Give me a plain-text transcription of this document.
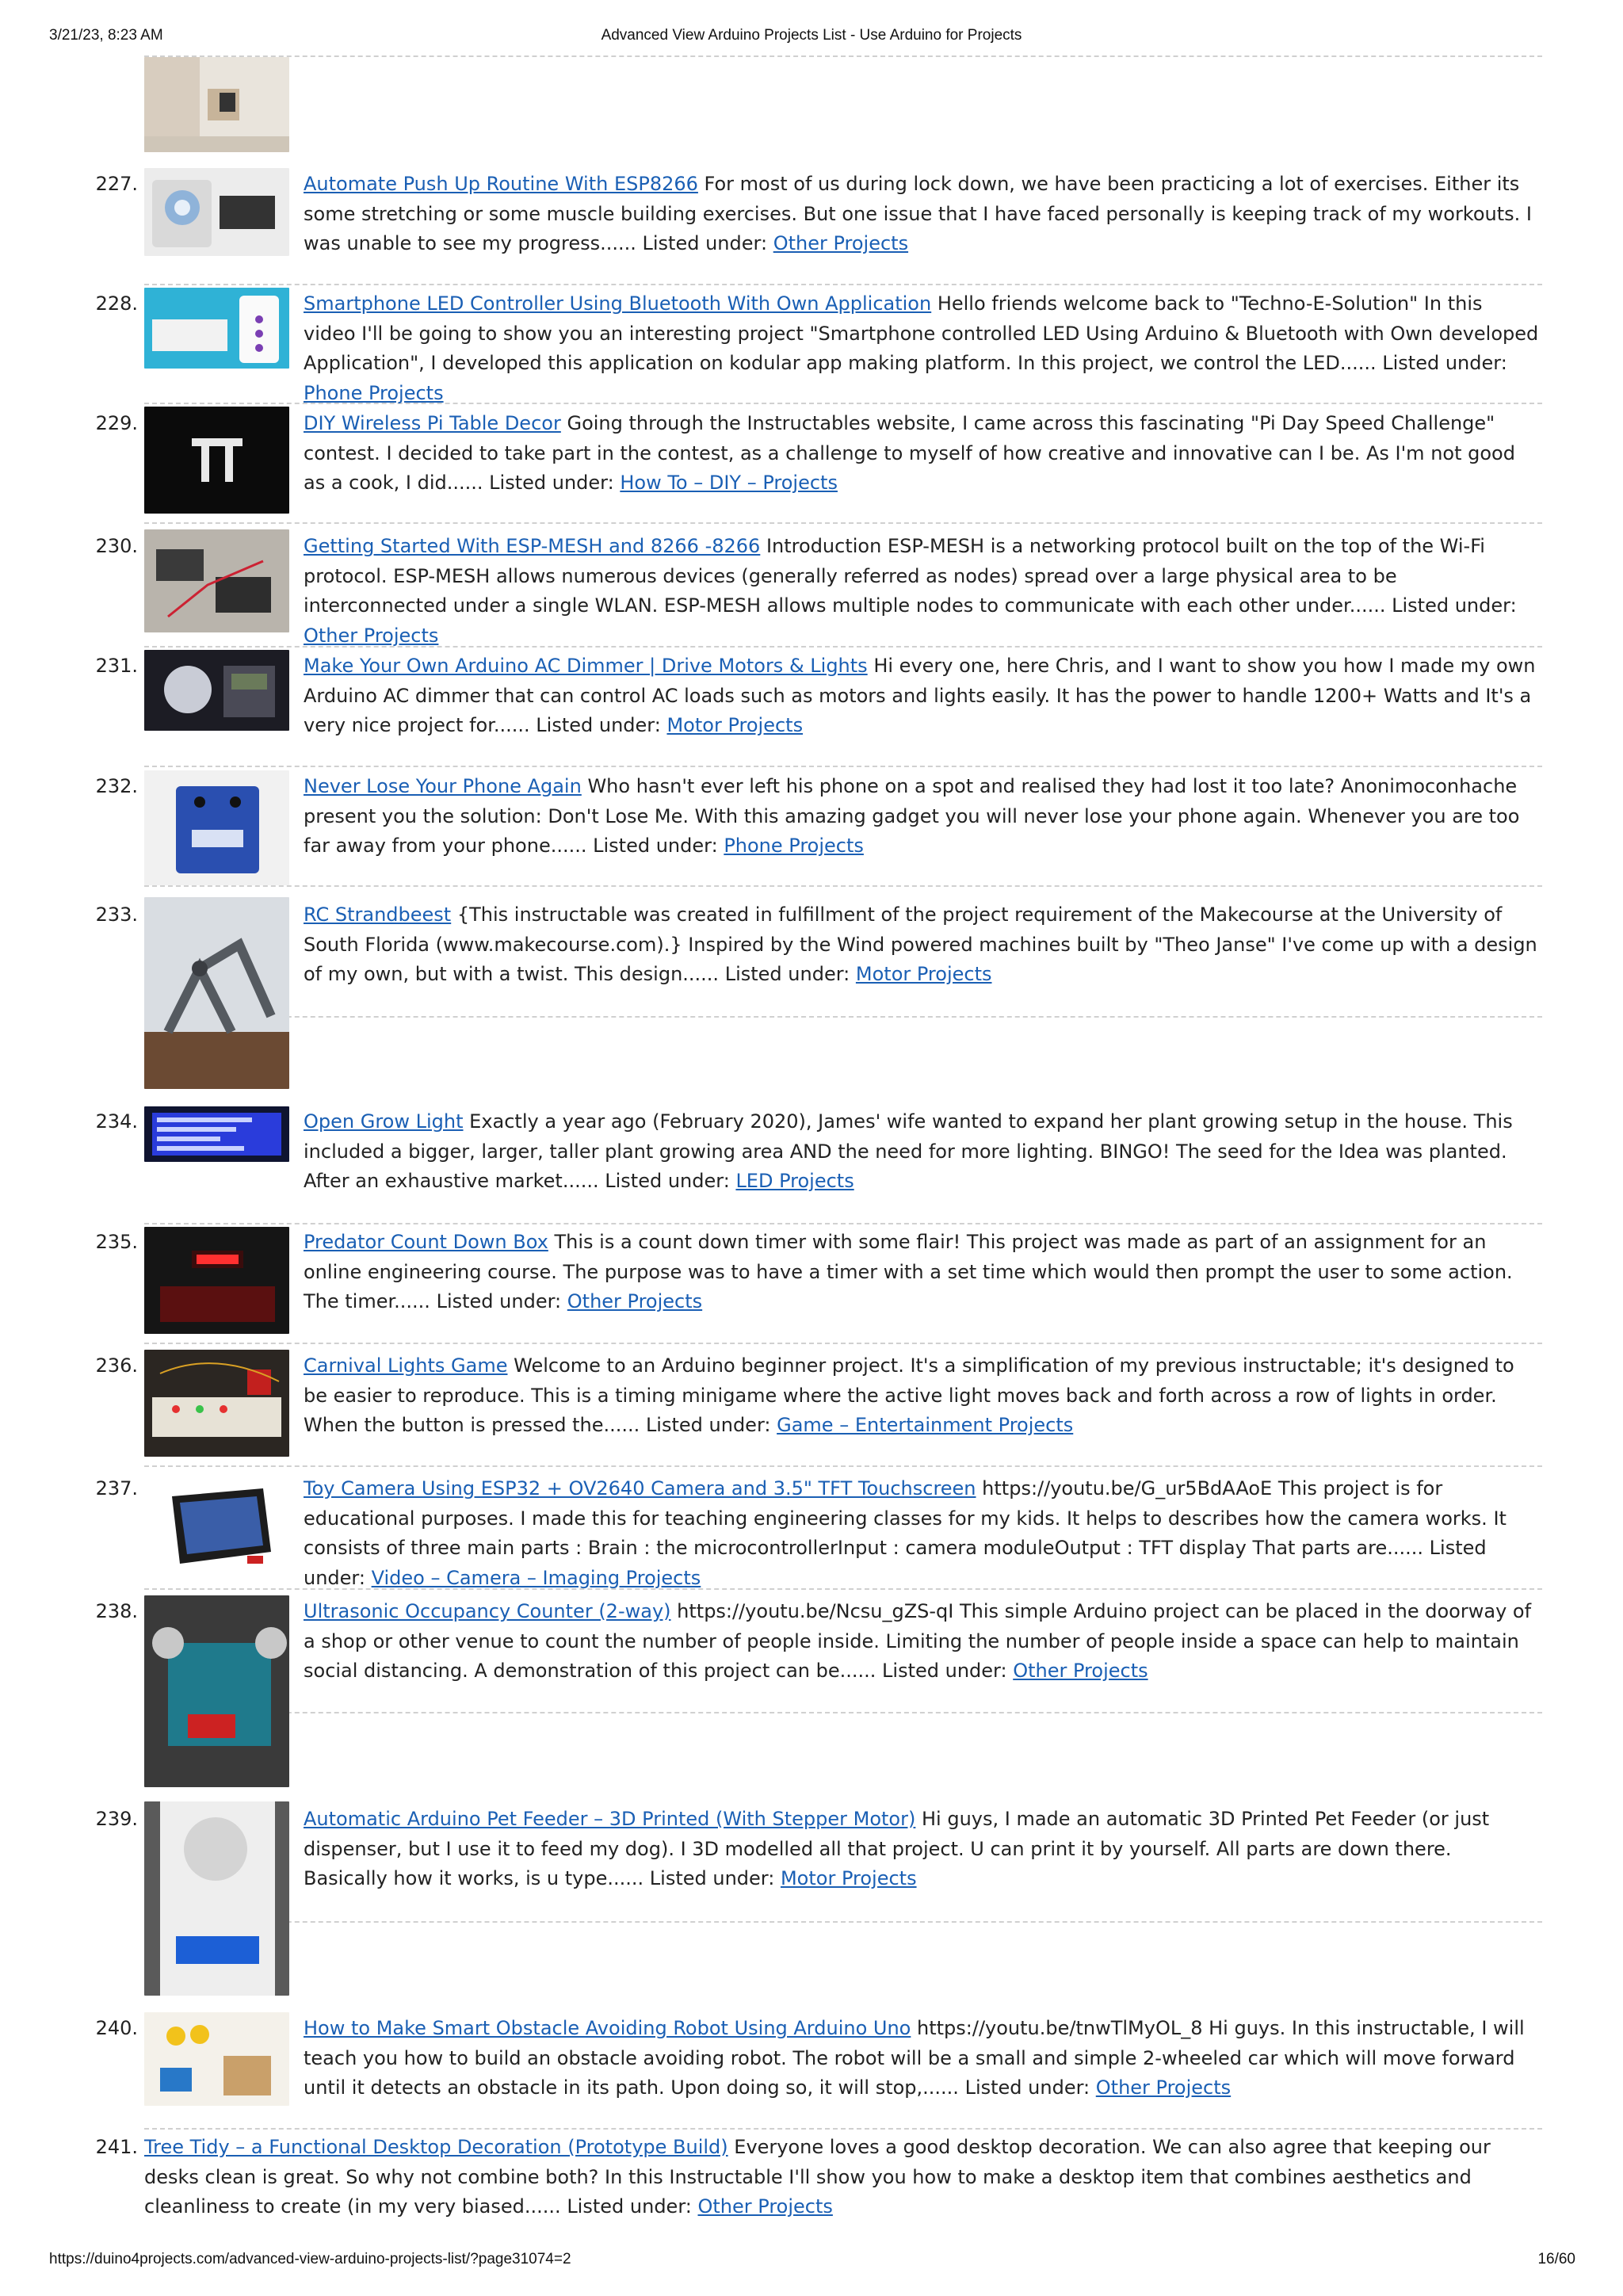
3/21/23, 8:23 AM	Advanced View Arduino Projects List - Use Arduino for Projects
227.	Automate Push Up Routine With ESP8266 For most of us during lock down, we have been practicing a lot of exercises. Either its some stretching or some muscle building exercises. But one issue that I have faced personally is keeping track of my workouts. I was unable to see my progress...... Listed under: Other Projects
228.	Smartphone LED Controller Using Bluetooth With Own Application Hello friends welcome back to "Techno-E-Solution" In this video I'll be going to show you an interesting project "Smartphone controlled LED Using Arduino & Bluetooth with Own developed Application", I developed this application on kodular app making platform. In this project, we control the LED...... Listed under: Phone Projects
229.	DIY Wireless Pi Table Decor Going through the Instructables website, I came across this fascinating "Pi Day Speed Challenge" contest. I decided to take part in the contest, as a challenge to myself of how creative and innovative can I be. As I'm not good as a cook, I did...... Listed under: How To – DIY – Projects
230.	Getting Started With ESP-MESH and 8266 -8266 Introduction ESP-MESH is a networking protocol built on the top of the Wi-Fi protocol. ESP-MESH allows numerous devices (generally referred as nodes) spread over a large physical area to be interconnected under a single WLAN. ESP-MESH allows multiple nodes to communicate with each other under...... Listed under: Other Projects
231.	Make Your Own Arduino AC Dimmer | Drive Motors & Lights Hi every one, here Chris, and I want to show you how I made my own Arduino AC dimmer that can control AC loads such as motors and lights easily. It has the power to handle 1200+ Watts and It's a very nice project for...... Listed under: Motor Projects
232.	Never Lose Your Phone Again Who hasn't ever left his phone on a spot and realised they had lost it too late? Anonimoconhache present you the solution: Don't Lose Me. With this amazing gadget you will never lose your phone again. Whenever you are too far away from your phone...... Listed under: Phone Projects
233.	RC Strandbeest {This instructable was created in fulfillment of the project requirement of the Makecourse at the University of South Florida (www.makecourse.com).} Inspired by the Wind powered machines built by "Theo Janse" I've come up with a design of my own, but with a twist. This design...... Listed under: Motor Projects
234.	Open Grow Light Exactly a year ago (February 2020), James' wife wanted to expand her plant growing setup in the house. This included a bigger, larger, taller plant growing area AND the need for more lighting. BINGO! The seed for the Idea was planted. After an exhaustive market...... Listed under: LED Projects
235.	Predator Count Down Box This is a count down timer with some flair! This project was made as part of an assignment for an online engineering course. The purpose was to have a timer with a set time which would then prompt the user to some action. The timer...... Listed under: Other Projects
236.	Carnival Lights Game Welcome to an Arduino beginner project. It's a simplification of my previous instructable; it's designed to be easier to reproduce. This is a timing minigame where the active light moves back and forth across a row of lights in order. When the button is pressed the...... Listed under: Game – Entertainment Projects
237.	Toy Camera Using ESP32 + OV2640 Camera and 3.5" TFT Touchscreen https://youtu.be/G_ur5BdAAoE This project is for educational purposes. I made this for teaching engineering classes for my kids. It helps to describes how the camera works. It consists of three main parts : Brain : the microcontrollerInput : camera moduleOutput : TFT display That parts are...... Listed under: Video – Camera – Imaging Projects
238.	Ultrasonic Occupancy Counter (2-way) https://youtu.be/Ncsu_gZS-qI This simple Arduino project can be placed in the doorway of a shop or other venue to count the number of people inside. Limiting the number of people inside a space can help to maintain social distancing. A demonstration of this project can be...... Listed under: Other Projects
239.	Automatic Arduino Pet Feeder – 3D Printed (With Stepper Motor) Hi guys, I made an automatic 3D Printed Pet Feeder (or just dispenser, but I use it to feed my dog). I 3D modelled all that project. U can print it by yourself. All parts are down there. Basically how it works, is u type...... Listed under: Motor Projects
240.	How to Make Smart Obstacle Avoiding Robot Using Arduino Uno https://youtu.be/tnwTlMyOL_8 Hi guys. In this instructable, I will teach you how to build an obstacle avoiding robot. The robot will be a small and simple 2-wheeled car which will move forward until it detects an obstacle in its path. Upon doing so, it will stop,...... Listed under: Other Projects
241. Tree Tidy – a Functional Desktop Decoration (Prototype Build) Everyone loves a good desktop decoration. We can also agree that keeping our desks clean is great. So why not combine both? In this Instructable I'll show you how to make a desktop item that combines aesthetics and cleanliness to create (in my very biased...... Listed under: Other Projects
https://duino4projects.com/advanced-view-arduino-projects-list/?page31074=2	16/60
